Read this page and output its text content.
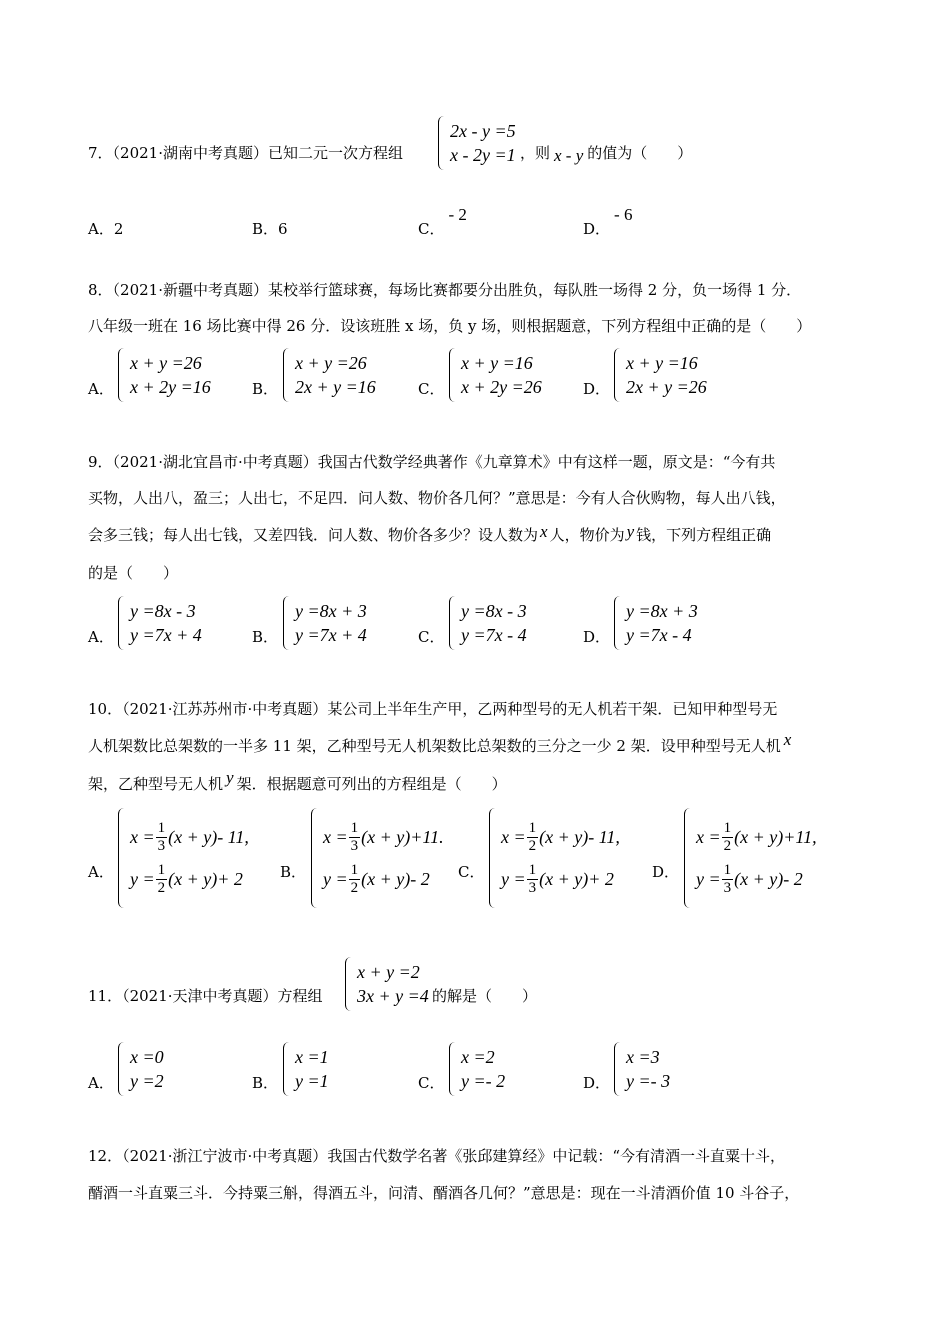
7．（2021·湖南中考真题）已知二元一次方程组
2x - y =5
x - 2y =1 ，则 x - y 的值为（　　）
A．2	B．6	C．- 2
D．- 6
8．（2021·新疆中考真题）某校举行篮球赛，每场比赛都要分出胜负，每队胜一场得 2 分，负一场得 1 分．
八年级一班在 16 场比赛中得 26 分．设该班胜 x 场，负 y 场，则根据题意，下列方程组中正确的是（　　）
A．
x + y =26
x + 2y =16	B．
x + y =26
2x + y =16	C．
x + y =16
x + 2y =26	D．
x + y =16
2x + y =26
9．（2021·湖北宜昌市·中考真题）我国古代数学经典著作《九章算术》中有这样一题，原文是：“今有共
买物，人出八，盈三；人出七，不足四．问人数、物价各几何？”意思是：今有人合伙购物，每人出八钱，
会多三钱；每人出七钱，又差四钱．问人数、物价各多少？设人数为 x 人，物价为 y 钱，下列方程组正确
的是（　　）
A．
y =8x - 3
y =7x + 4	B．
y =8x + 3
y =7x + 4	C．
y =8x - 3
y =7x - 4	D．
y =8x + 3
y =7x - 4
10．（2021·江苏苏州市·中考真题）某公司上半年生产甲，乙两种型号的无人机若干架．已知甲种型号无
人机架数比总架数的一半多 11 架，乙种型号无人机架数比总架数的三分之一少 2 架．设甲种型号无人机 x
架，乙种型号无人机 y 架．根据题意可列出的方程组是（　　）
A．
$x = \frac{1}{3} (x + y)-$ 11,
$y = \frac{1}{2} (x + y)+ 2$ B．
$x = \frac{1}{3} (x + y)+11$.
$y = \frac{1}{2} (x + y)-$ 2 C．
$x = \frac{1}{2} (x + y)-$ 11,
$y = \frac{1}{3} (x + y)+ 2$	D．
$x = \frac{1}{2} (x + y)+11$,
$y = \frac{1}{3} (x + y)-$ 2
11．（2021·天津中考真题）方程组
x + y =2
3x + y =4 的解是（　　）
A．
x =0
y =2	B．
x =1
y =1	C．
x =2
y =- 2	D．
x =3
y =- 3
12．（2021·浙江宁波市·中考真题）我国古代数学名著《张邱建算经》中记载：“今有清酒一斗直粟十斗，
醑酒一斗直粟三斗．今持粟三斛，得酒五斗，问清、醑酒各几何？”意思是：现在一斗清酒价值 10 斗谷子，
